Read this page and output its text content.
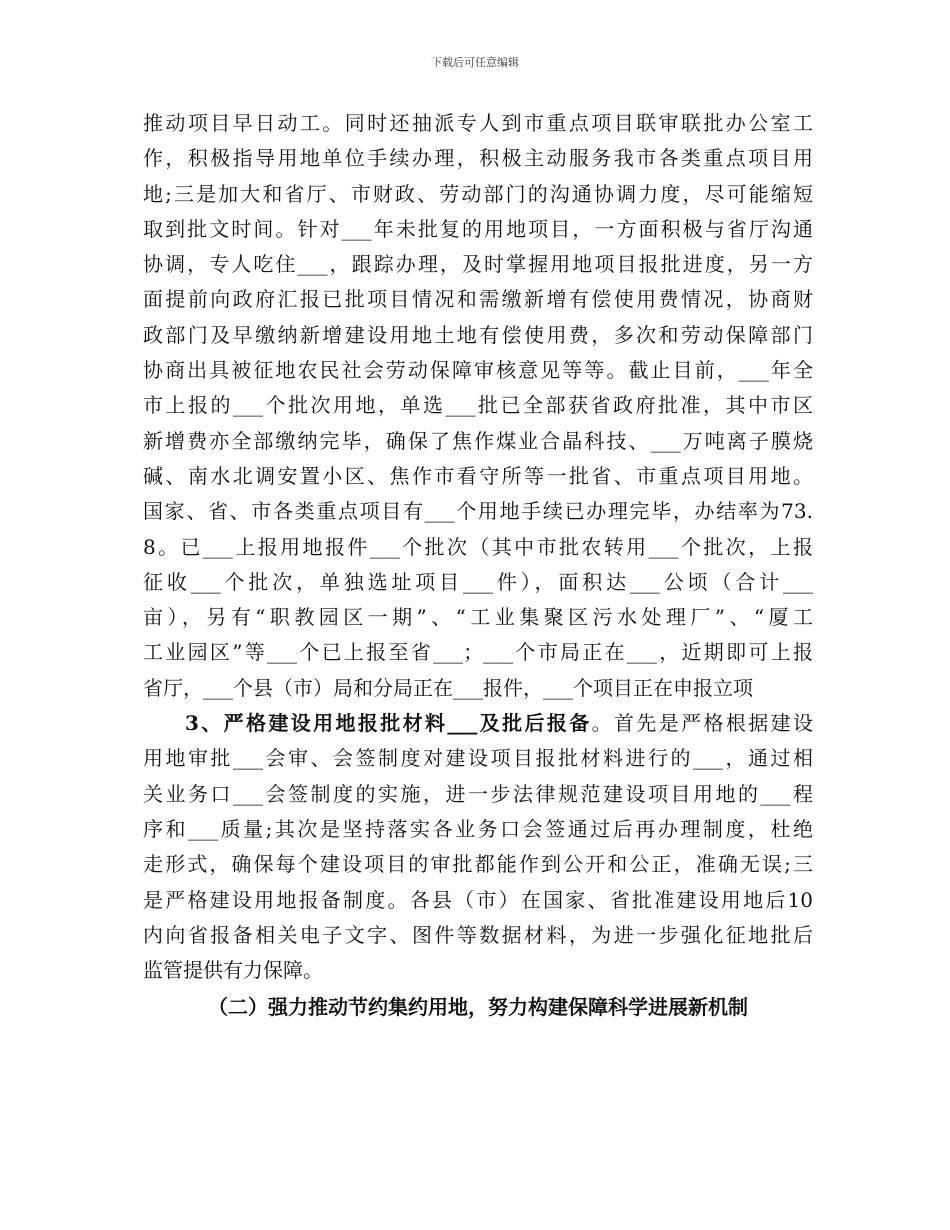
下载后可任意编辑
推动项目早日动工。同时还抽派专人到市重点项目联审联批办公室工
作，积极指导用地单位手续办理，积极主动服务我市各类重点项目用
地;三是加大和省厅、市财政、劳动部门的沟通协调力度，尽可能缩短
取到批文时间。针对___年未批复的用地项目，一方面积极与省厅沟通
协调，专人吃住___，跟踪办理，及时掌握用地项目报批进度，另一方
面提前向政府汇报已批项目情况和需缴新增有偿使用费情况，协商财
政部门及早缴纳新增建设用地土地有偿使用费，多次和劳动保障部门
协商出具被征地农民社会劳动保障审核意见等等。截止目前，___年全
市上报的___个批次用地，单选___批已全部获省政府批准，其中市区
新增费亦全部缴纳完毕，确保了焦作煤业合晶科技、___万吨离子膜烧
碱、南水北调安置小区、焦作市看守所等一批省、市重点项目用地。
国家、省、市各类重点项目有___个用地手续已办理完毕，办结率为73.
8。已___上报用地报件___个批次（其中市批农转用___个批次，上报
征收___个批次，单独选址项目___件），面积达___公顷（合计___
亩），另有“职教园区一期”、“工业集聚区污水处理厂”、“厦工
工业园区”等___个已上报至省___；___个市局正在___，近期即可上报
省厅，___个县（市）局和分局正在___报件，___个项目正在申报立项
3、严格建设用地报批材料___及批后报备。首先是严格根据建设
用地审批___会审、会签制度对建设项目报批材料进行的___，通过相
关业务口___会签制度的实施，进一步法律规范建设项目用地的___程
序和___质量;其次是坚持落实各业务口会签通过后再办理制度，杜绝
走形式，确保每个建设项目的审批都能作到公开和公正，准确无误;三
是严格建设用地报备制度。各县（市）在国家、省批准建设用地后10
内向省报备相关电子文字、图件等数据材料，为进一步强化征地批后
监管提供有力保障。
（二）强力推动节约集约用地，努力构建保障科学进展新机制
